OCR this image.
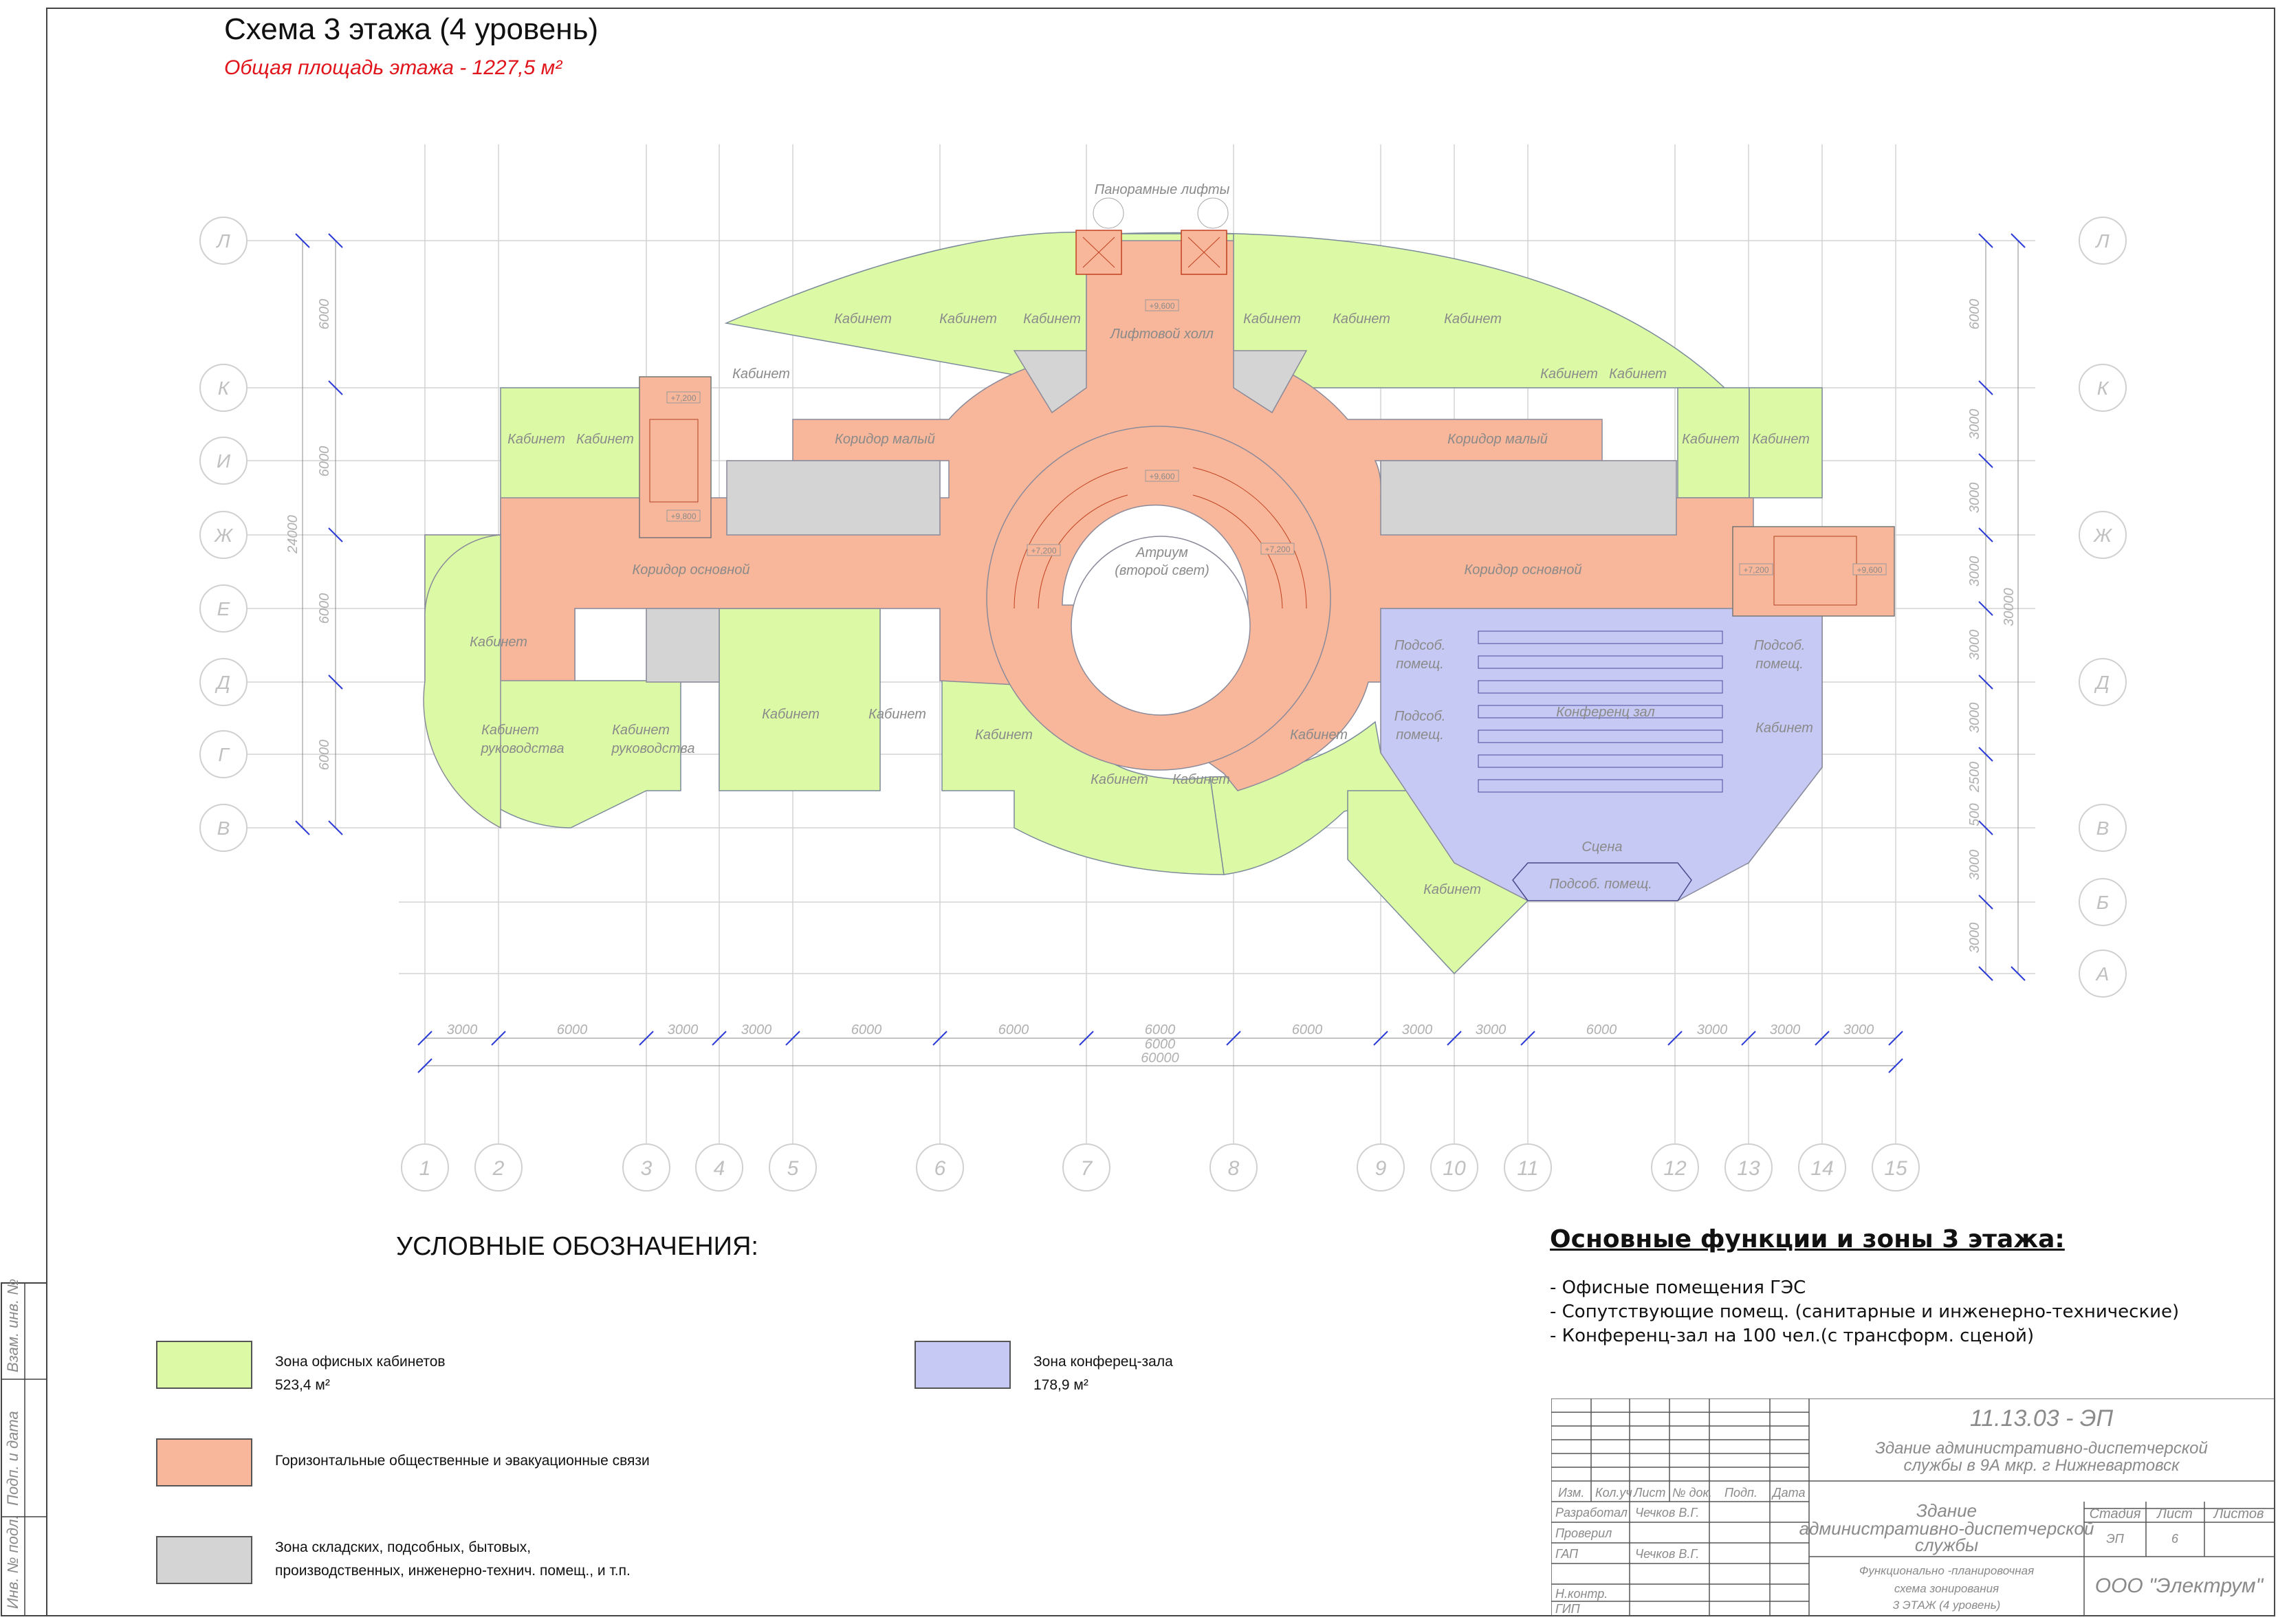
Взам. инв. №
Подп. и дата
Инв. № подл.
Схема 3 этажа (4 уровень)
Общая площадь этажа - 1227,5 м²
Панорамные лифты
Лифтовой холл
Кабинет	Кабинет Кабинет	Кабинет Кабинет	Кабинет
Кабинет	Кабинет Кабинет
Кабинет Кабинет	Кабинет Кабинет
Коридор малый	Коридор малый
Коридор основной	Коридор основной
Атриум
(второй свет)
Кабинет
Кабинет
руководства
Кабинет
руководства
Кабинет	Кабинет
Кабинет	Кабинет
Кабинет Кабинет
Кабинет
Кабинет
Подсоб.
помещ.
Подсоб.
помещ.
Подсоб.
помещ.
Конференц зал
Сцена
Подсоб. помещ.
+7,200
+9,800
+9,600
+9,600
+7,200	+7,200
+7,200	+9,600
Л
К
И
Ж
Е
Д
Г
В
Л
К
Ж
Д
В
Б
А
6000
6000
6000
6000
24000
6000
3000
3000
3000
3000
3000
2500
500
3000
3000
30000
3000	6000	3000	3000	6000	6000	6000
6000
6000	3000	3000	6000	3000	3000	3000
60000
1	2	3	4	5	6	7	8	9	10 11	12 13 14 15
УСЛОВНЫЕ ОБОЗНАЧЕНИЯ:
Зона офисных кабинетов
523,4 м²
Горизонтальные общественные и эвакуационные связи
Зона складских, подсобных, бытовых,
производственных, инженерно-технич. помещ., и т.п.
Зона конферец-зала
178,9 м²
Основные функции и зоны 3 этажа:
- Офисные помещения ГЭС
- Сопутствующие помещ. (санитарные и инженерно-технические)
- Конференц-зал на 100 чел.(с трансформ. сценой)
11.13.03 - ЭП
Здание административно-диспетчерской
службы в 9А мкр. г Нижневартовск
Изм. Кол.уч Лист № док. Подп. Дата
Разработал Чечков В.Г.
Проверил
ГАП	Чечков В.Г.
Н.контр.
ГИП
Здание
административно-диспетчерской
службы
Стадия Лист Листов
ЭП	6
Функционально -планировочная
схема зонирования
3 ЭТАЖ (4 уровень)
ООО "Электрум"
